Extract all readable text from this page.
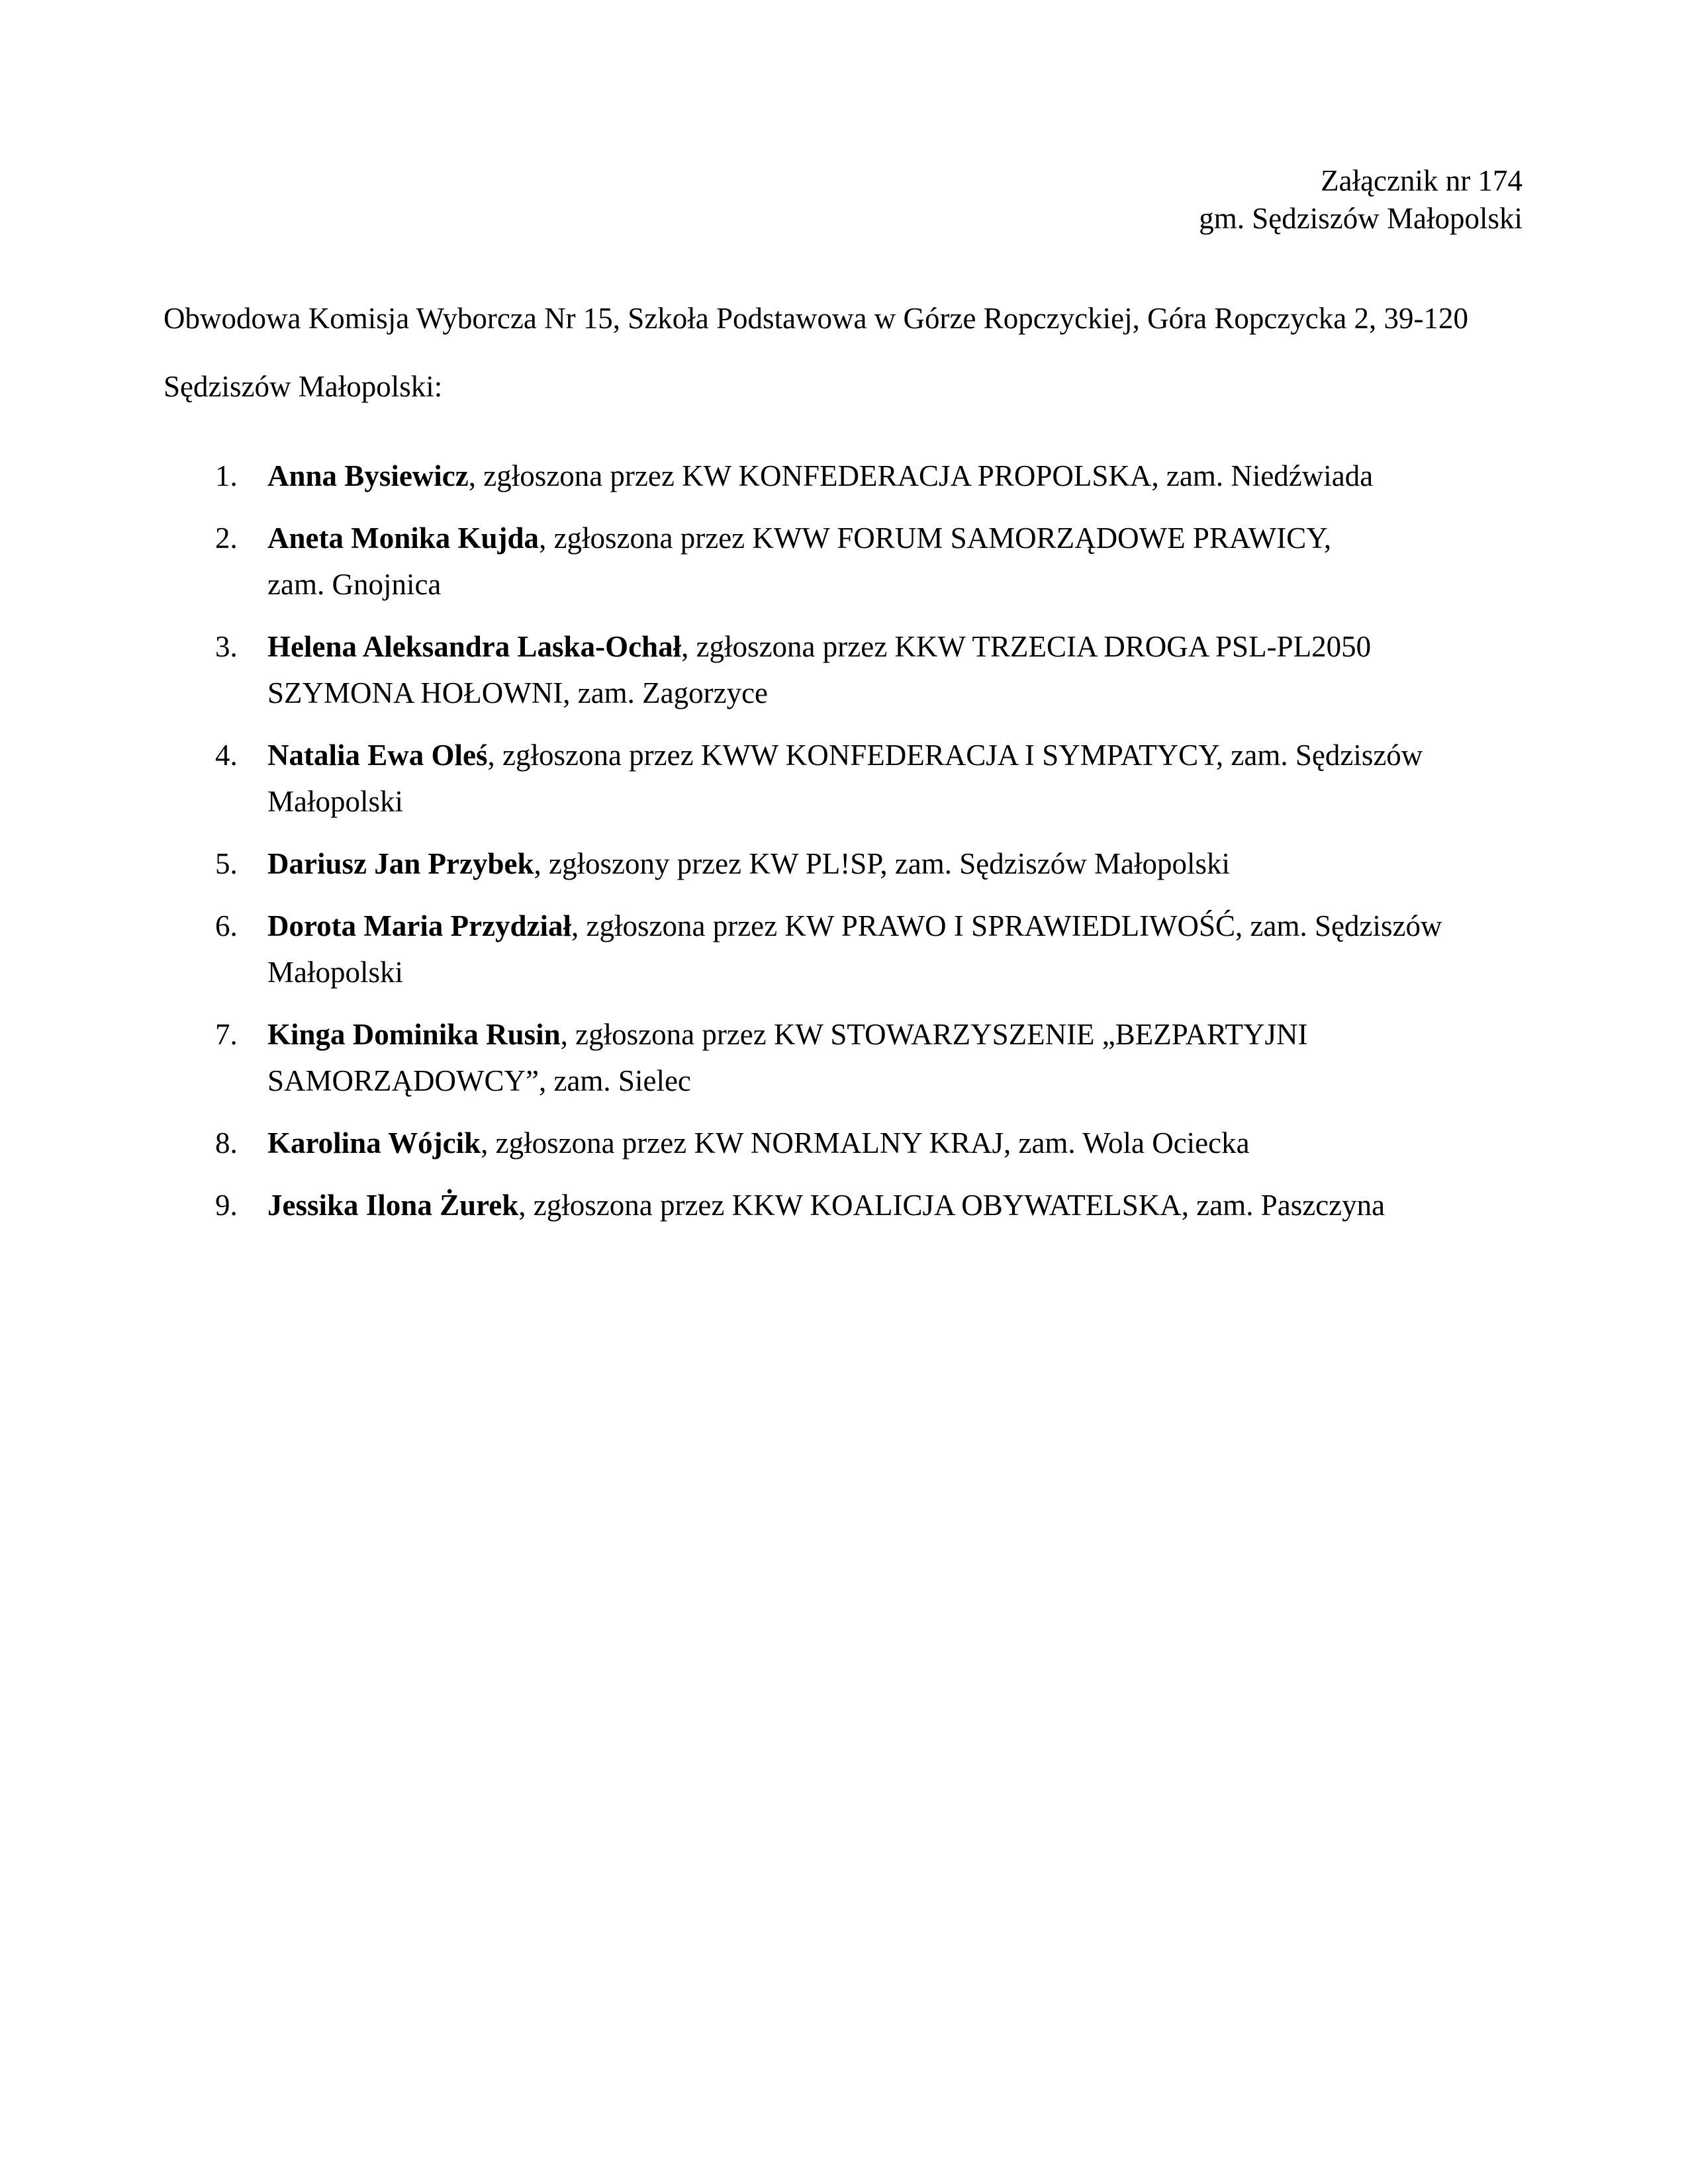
Załącznik nr 174
gm. Sędziszów Małopolski
Obwodowa Komisja Wyborcza Nr 15, Szkoła Podstawowa w Górze Ropczyckiej, Góra Ropczycka 2, 39-120 Sędziszów Małopolski:
1. Anna Bysiewicz, zgłoszona przez KW KONFEDERACJA PROPOLSKA, zam. Niedźwiada
2. Aneta Monika Kujda, zgłoszona przez KWW FORUM SAMORZĄDOWE PRAWICY,
zam. Gnojnica
3. Helena Aleksandra Laska-Ochał, zgłoszona przez KKW TRZECIA DROGA PSL-PL2050
SZYMONA HOŁOWNI, zam. Zagorzyce
4. Natalia Ewa Oleś, zgłoszona przez KWW KONFEDERACJA I SYMPATYCY, zam. Sędziszów
Małopolski
5. Dariusz Jan Przybek, zgłoszony przez KW PL!SP, zam. Sędziszów Małopolski
6. Dorota Maria Przydział, zgłoszona przez KW PRAWO I SPRAWIEDLIWOŚĆ, zam. Sędziszów
Małopolski
7. Kinga Dominika Rusin, zgłoszona przez KW STOWARZYSZENIE „BEZPARTYJNI
SAMORZĄDOWCY”, zam. Sielec
8. Karolina Wójcik, zgłoszona przez KW NORMALNY KRAJ, zam. Wola Ociecka
9. Jessika Ilona Żurek, zgłoszona przez KKW KOALICJA OBYWATELSKA, zam. Paszczyna
